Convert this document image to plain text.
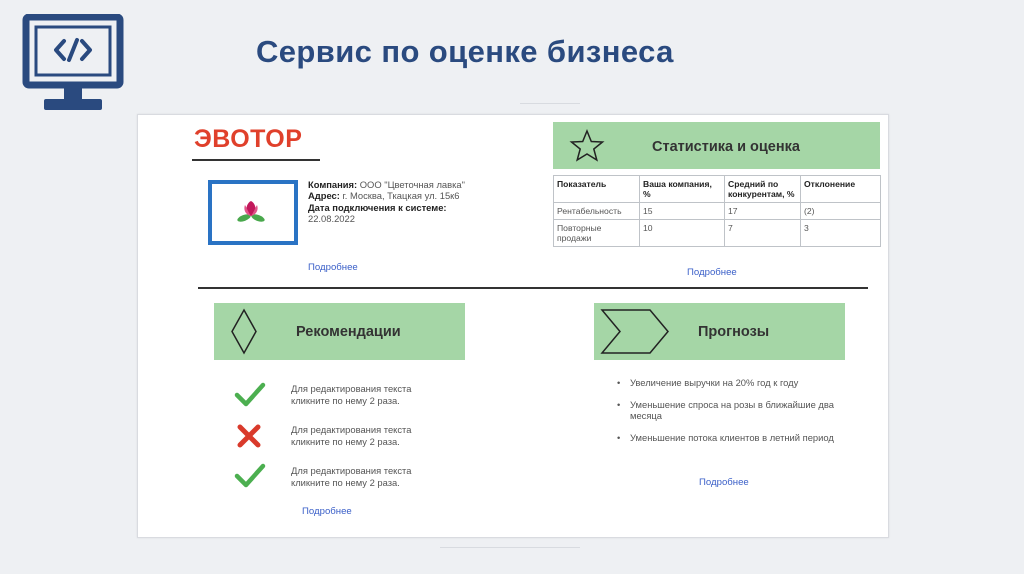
Сервис по оценке бизнеса
ЭВОТОР
Компания: ООО "Цветочная лавка"
Адрес: г. Москва, Ткацкая ул. 15к6
Дата подключения к системе: 22.08.2022
Подробнее
Статистика и оценка
Показатель	Ваша компания, %	Средний по конкурентам, %	Отклонение
Рентабельность	15	17	(2)
Повторные продажи	10	7	3
Подробнее
Рекомендации
Для редактирования текста кликните по нему 2 раза.
Для редактирования текста кликните по нему 2 раза.
Для редактирования текста кликните по нему 2 раза.
Подробнее
Прогнозы
• Увеличение выручки на 20% год к году
• Уменьшение спроса на розы в ближайшие два месяца
• Уменьшение потока клиентов в летний период
Подробнее
